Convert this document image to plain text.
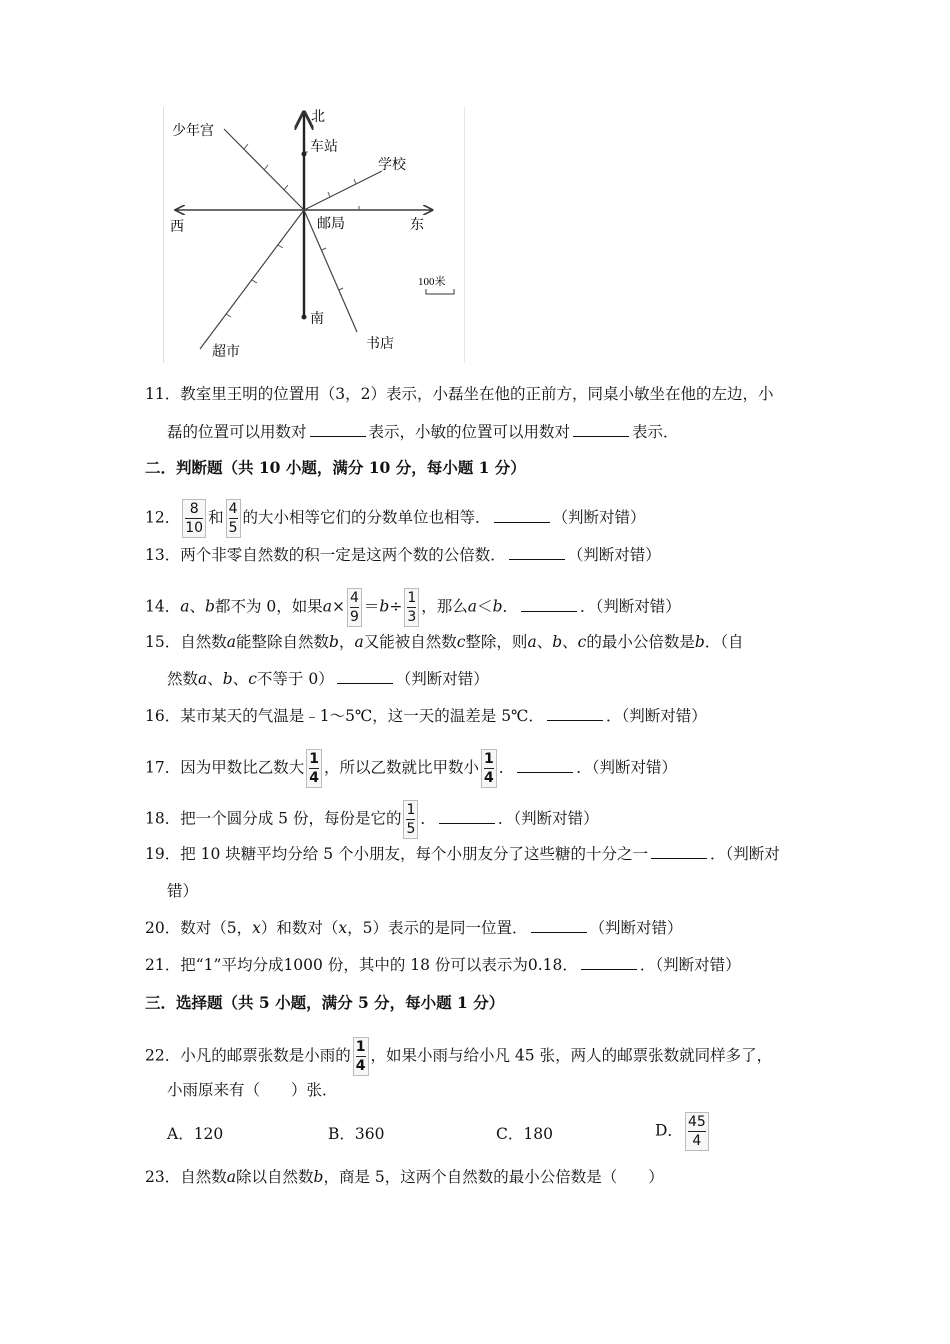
北
车站
少年宫
学校
西	邮局	东
100米
南
书店
超市
11．教室里王明的位置用（3，2）表示，小磊坐在他的正前方，同桌小敏坐在他的左边，小
磊的位置可以用数对	表示，小敏的位置可以用数对	表示．
二．判断题（共 10 小题，满分 10 分，每小题 1 分）
12． $\frac{8}{10}$ 和 $\frac{4}{5}$ 的大小相等它们的分数单位也相等．	（判断对错）
13．两个非零自然数的积一定是这两个数的公倍数．	（判断对错）
14．a、b都不为 0，如果$a\times \frac{4}{9} =b\div \frac{1}{3}$ ，那么a＜b．	．（判断对错）
15．自然数a能整除自然数b，a又能被自然数c整除，则a、b、c的最小公倍数是b．（自
然数a、b、c不等于 0）	（判断对错）
16．某市某天的气温是﹣1～5℃，这一天的温差是 5℃．	．（判断对错）
17．因为甲数比乙数大 $\frac{1}{4}$ ，所以乙数就比甲数小 $\frac{1}{4}$ ．	．（判断对错）
18．把一个圆分成 5 份，每份是它的 $\frac{1}{5}$ ．	．（判断对错）
19．把 10 块糖平均分给 5 个小朋友，每个小朋友分了这些糖的十分之一	．（判断对
错）
20．数对（5，x）和数对（x，5）表示的是同一位置．	（判断对错）
21．把“1”平均分成1000 份，其中的 18 份可以表示为0.18．	．（判断对错）
三．选择题（共 5 小题，满分 5 分，每小题 1 分）
22．小凡的邮票张数是小雨的 $\frac{1}{4}$ ，如果小雨与给小凡 45 张，两人的邮票张数就同样多了，
小雨原来有（　　）张．
A．120	B．360	C．180	D． $\frac{45}{4}$
23．自然数a除以自然数b，商是 5，这两个自然数的最小公倍数是（　　）
